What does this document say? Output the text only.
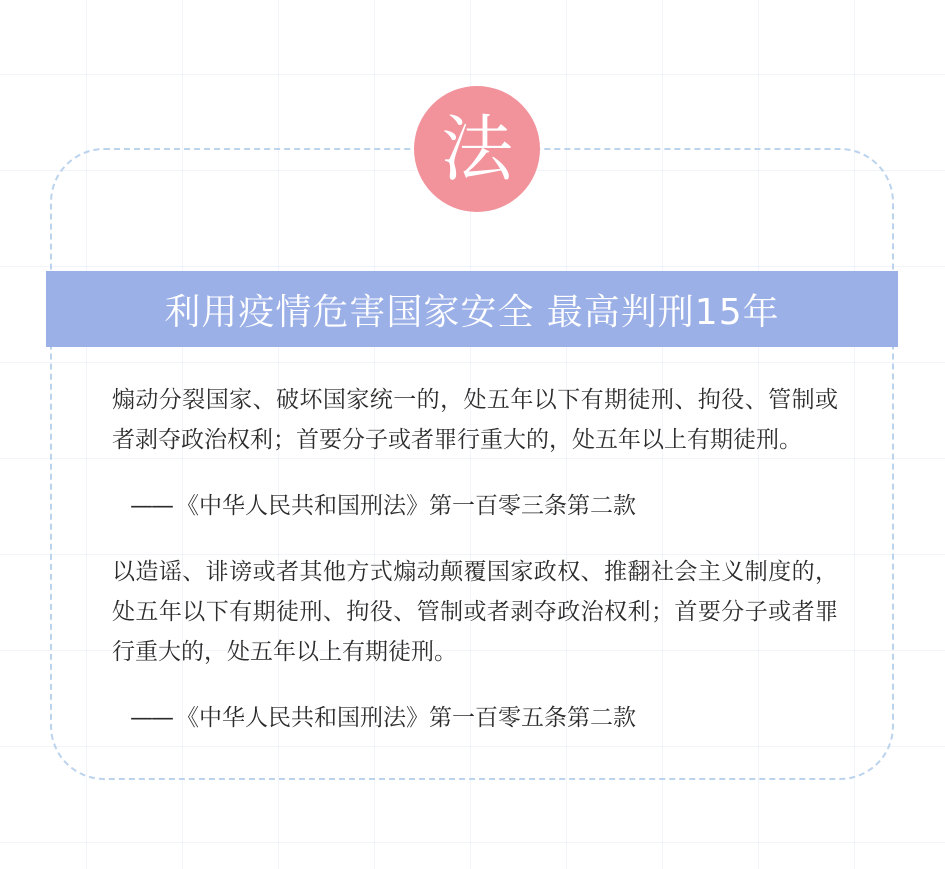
法
利用疫情危害国家安全 最高判刑15年

煽动分裂国家、破坏国家统一的，处五年以下有期徒刑、拘役、管制或者剥夺政治权利；首要分子或者罪行重大的，处五年以上有期徒刑。

—— 《中华人民共和国刑法》第一百零三条第二款

以造谣、诽谤或者其他方式煽动颠覆国家政权、推翻社会主义制度的，处五年以下有期徒刑、拘役、管制或者剥夺政治权利；首要分子或者罪行重大的，处五年以上有期徒刑。

—— 《中华人民共和国刑法》第一百零五条第二款
